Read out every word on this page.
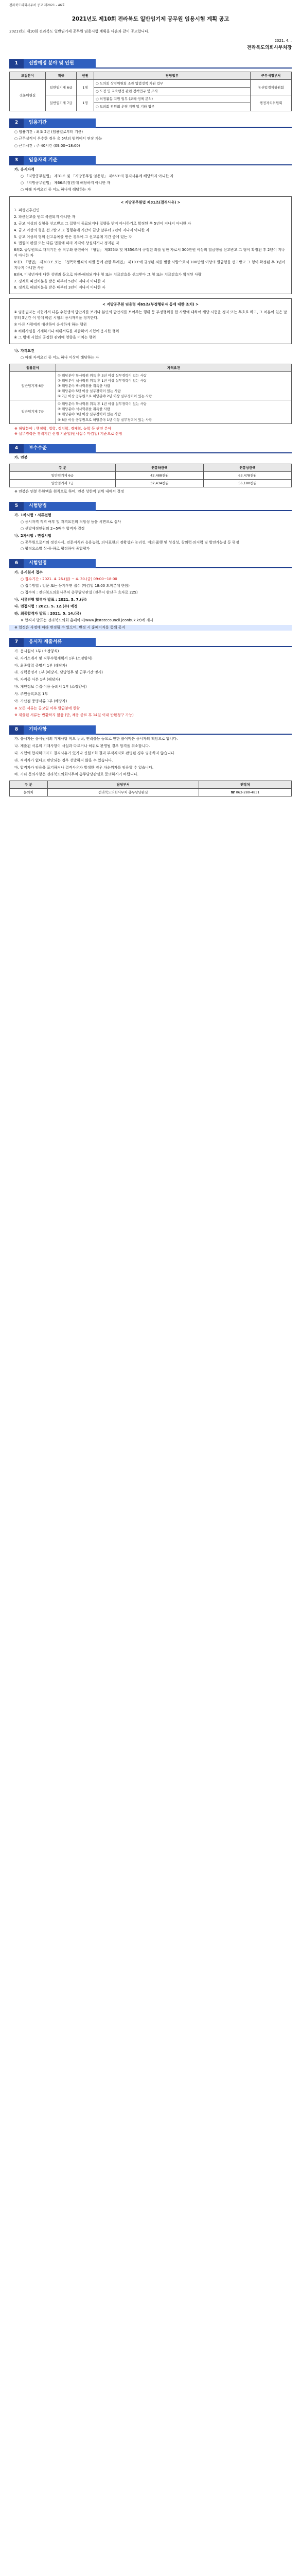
전라북도의회사무처 공고 제2021 - 46호
2021년도 제10회 전라북도 일반임기제 공무원 임용시험 계획 공고
2021년도 제10회 전라북도 일반임기제 공무원 임용시험 계획을 다음과 같이 공고합니다.
2021. 4. .
전라북도의회사무처장
1	선발예정 분야 및 인원
모집분야	직급	인원	담당업무	근무예정부서
전문위원실	일반임기제 6급	1명	○ 도의회 상임위원회 소관 입법정책 지원 업무	농산업경제위원회
			○ 도정 및 교육행정 관련 정책연구 및 조사	
	일반임기제 7급	1명	○ 의정활동 지원 업무 (조례·정책 분석)	행정자치위원회
			○ 도의회 위원회 운영 지원 및 기타 업무	
2	임용기간
○ 임용기간 : 최초 2년 (임용일로부터 기산)
○ 근무실적이 우수한 경우 총 5년의 범위에서 연장 가능
○ 근무시간 : 주 40시간 (09:00~18:00)
3	임용자격 기준
가. 응시자격
○ 「지방공무원법」 제31조 및 「지방공무원 임용령」 제65조의 결격사유에 해당하지 아니한 자
○ 「지방공무원법」 제66조(정년)에 해당하지 아니한 자
○ 아래 자격요건 중 어느 하나에 해당하는 자
< 지방공무원법 제31조(결격사유) >
1. 피성년후견인
2. 파산선고를 받고 복권되지 아니한 자
3. 금고 이상의 실형을 선고받고 그 집행이 종료되거나 집행을 받지 아니하기로 확정된 후 5년이 지나지 아니한 자
4. 금고 이상의 형을 선고받고 그 집행유예 기간이 끝난 날부터 2년이 지나지 아니한 자
5. 금고 이상의 형의 선고유예를 받은 경우에 그 선고유예 기간 중에 있는 자
6. 법원의 판결 또는 다른 법률에 따라 자격이 상실되거나 정지된 자
6의2. 공무원으로 재직기간 중 직무와 관련하여 「형법」 제355조 및 제356조에 규정된 죄를 범한 자로서 300만원 이상의 벌금형을 선고받고 그 형이 확정된 후 2년이 지나지 아니한 자
6의3. 「형법」 제303조 또는 「성폭력범죄의 처벌 등에 관한 특례법」 제10조에 규정된 죄를 범한 사람으로서 100만원 이상의 벌금형을 선고받고 그 형이 확정된 후 3년이 지나지 아니한 사람
6의4. 미성년자에 대한 성범죄 등으로 파면·해임되거나 형 또는 치료감호를 선고받아 그 형 또는 치료감호가 확정된 사람
7. 징계로 파면처분을 받은 때부터 5년이 지나지 아니한 자
8. 징계로 해임처분을 받은 때부터 3년이 지나지 아니한 자
< 지방공무원 임용령 제65조(부정행위자 등에 대한 조치) >
① 임용권자는 시험에서 다른 수험생의 답안지를 보거나 본인의 답안지를 보여주는 행위 등 부정행위를 한 사람에 대하여 해당 시험을 정지 또는 무효로 하고, 그 처분이 있은 날부터 5년간 이 영에 따른 시험의 응시자격을 정지한다.
② 다른 사람에게 대신하여 응시하게 하는 행위
③ 허위사실을 기재하거나 허위서류를 제출하여 시험에 응시한 행위
④ 그 밖에 시험의 공정한 관리에 영향을 미치는 행위
나. 자격요건
○ 아래 자격요건 중 어느 하나 이상에 해당하는 자
임용분야	자격요건
일반임기제 6급	① 해당분야 학사학위 취득 후 3년 이상 실무경력이 있는 사람
② 해당분야 석사학위 취득 후 1년 이상 실무경력이 있는 사람
③ 해당분야 박사학위를 취득한 사람
④ 해당분야 5년 이상 실무경력이 있는 사람
⑤ 7급 이상 공무원으로 해당분야 2년 이상 실무경력이 있는 사람
일반임기제 7급	① 해당분야 학사학위 취득 후 1년 이상 실무경력이 있는 사람
② 해당분야 석사학위를 취득한 사람
③ 해당분야 3년 이상 실무경력이 있는 사람
④ 8급 이상 공무원으로 해당분야 1년 이상 실무경력이 있는 사람
※ 해당분야 : 행정학, 법학, 정치학, 경제학, 농학 등 관련 분야
※ 실무경력은 경력기간 산정 기준일(원서접수 마감일) 기준으로 산정
4	보수수준
가. 연봉
구 분	연봉하한액	연봉상한액
일반임기제 6급	42,488천원	63,478천원
일반임기제 7급	37,434천원	56,180천원
※ 연봉은 연봉 하한액을 원칙으로 하며, 연봉 상한액 범위 내에서 결정
5	시험방법
가. 1차시험 : 서류전형
○ 응시자격 적격 여부 및 자격요건의 적합성 등을 서면으로 심사
○ 선발예정인원의 2~5배수 합격자 결정
나. 2차시험 : 면접시험
○ 공무원으로서의 정신자세, 전문지식과 응용능력, 의사표현의 정확성과 논리성, 예의·품행 및 성실성, 창의력·의지력 및 발전가능성 등 평정
○ 평정요소별 상·중·하로 평정하여 종합평가
6	시험일정
가. 응시원서 접수
○ 접수기간 : 2021. 4. 26.(월) ~ 4. 30.(금) 09:00~18:00
○ 접수방법 : 방문 또는 등기우편 접수 (마감일 18:00 도착분에 한함)
○ 접수처 : 전라북도의회사무처 총무담당관실 (전주시 완산구 효자로 225)
나. 서류전형 합격자 발표 : 2021. 5. 7.(금)
다. 면접시험 : 2021. 5. 12.(수) 예정
라. 최종합격자 발표 : 2021. 5. 14.(금)
※ 합격자 발표는 전라북도의회 홈페이지(www.jbstatecouncil.jeonbuk.kr)에 게시
※ 일정은 사정에 따라 변경될 수 있으며, 변경 시 홈페이지를 통해 공지
7	응시자 제출서류
가. 응시원서 1부 (소정양식)
나. 자기소개서 및 직무수행계획서 1부 (소정양식)
다. 최종학력 증명서 1부 (해당자)
라. 경력증명서 1부 (해당자, 담당업무 및 근무기간 명시)
마. 자격증 사본 1부 (해당자)
바. 개인정보 수집·이용 동의서 1부 (소정양식)
사. 주민등록초본 1부
아. 가산점 증명서류 1부 (해당자)
※ 모든 서류는 공고일 이후 발급분에 한함
※ 제출된 서류는 반환하지 않음 (단, 채용 종료 후 14일 이내 반환청구 가능)
8	기타사항
가. 응시자는 응시원서의 기재사항 착오 누락, 연락불능 등으로 인한 불이익은 응시자의 책임으로 합니다.
나. 제출된 서류의 기재사항이 사실과 다르거나 허위로 판명될 경우 합격을 취소합니다.
다. 시험에 합격하더라도 결격사유가 있거나 신원조회 결과 부적격자로 판명된 경우 임용하지 않습니다.
라. 적격자가 없다고 판단되는 경우 선발하지 않을 수 있습니다.
마. 합격자가 임용을 포기하거나 결격사유가 발생한 경우 차순위자를 임용할 수 있습니다.
바. 기타 문의사항은 전라북도의회사무처 총무담당관실로 문의하시기 바랍니다.
구 분	담당부서	연락처
문의처	전라북도의회사무처 총무담당관실	☎ 063-280-4831
